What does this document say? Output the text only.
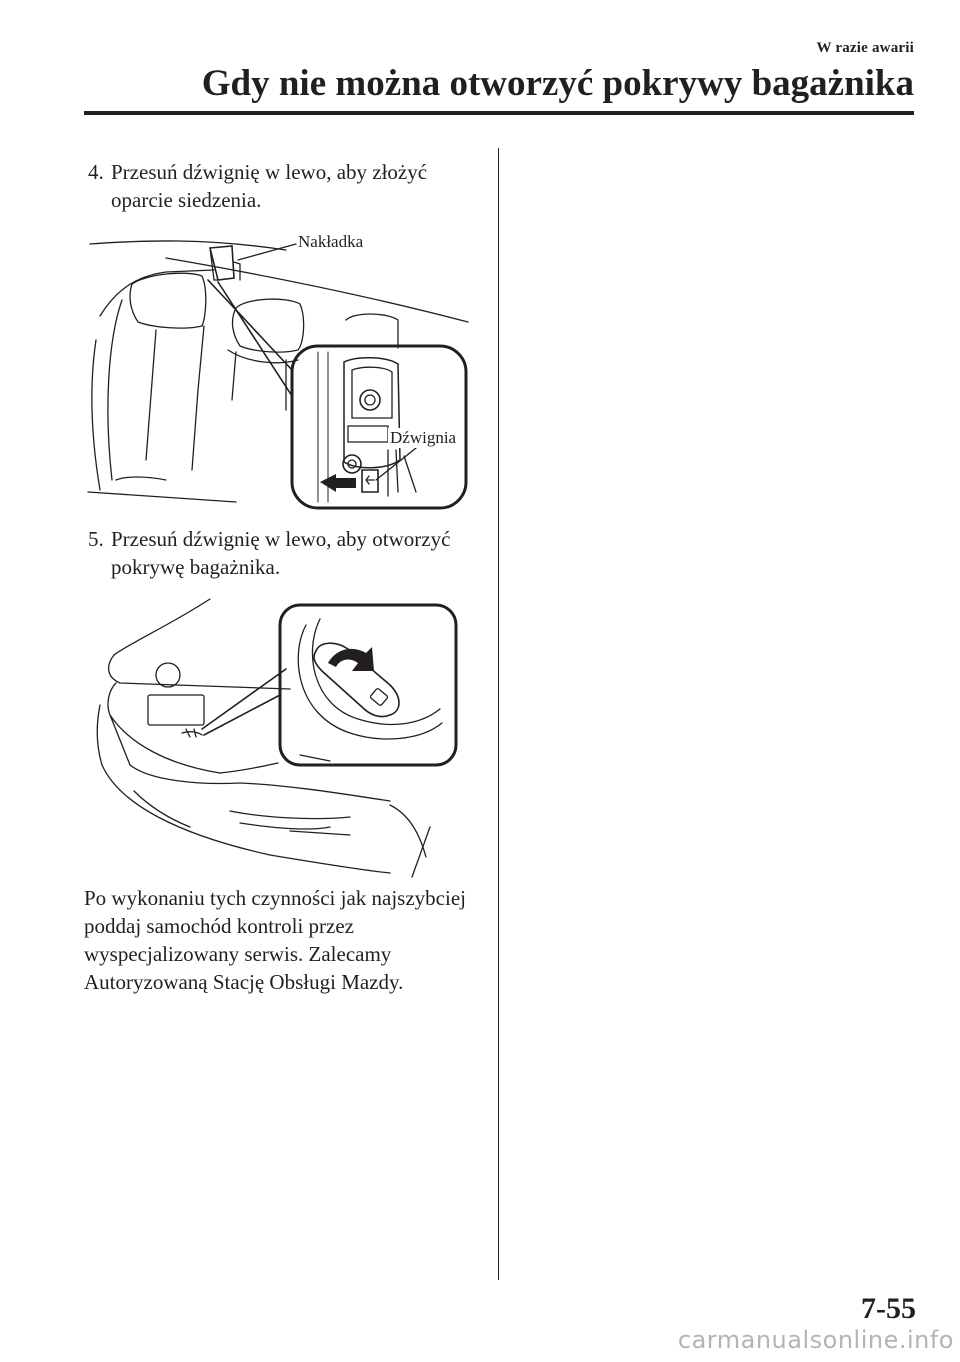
W razie awarii
Gdy nie można otworzyć pokrywy bagażnika

4. Przesuń dźwignię w lewo, aby złożyć oparcie siedzenia.

Nakładka
Dźwignia

5. Przesuń dźwignię w lewo, aby otworzyć pokrywę bagażnika.

Po wykonaniu tych czynności jak najszybciej poddaj samochód kontroli przez wyspecjalizowany serwis. Zalecamy Autoryzowaną Stację Obsługi Mazdy.

7-55
carmanualsonline.info
